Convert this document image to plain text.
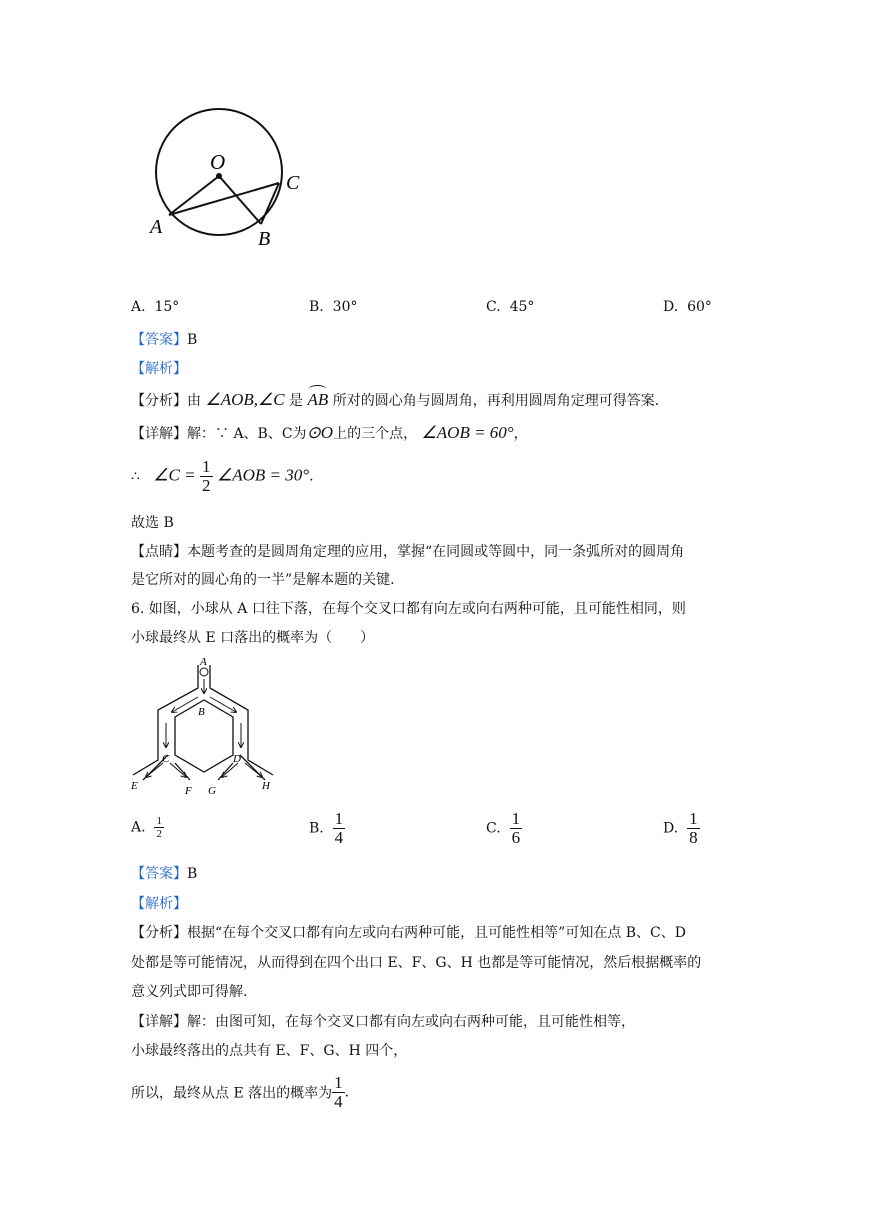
O
A
B
C
A. 15°	B. 30°	C. 45°	D. 60°
【答案】B
【解析】
【分析】由 ∠AOB,∠C 是 AB 所对的圆心角与圆周角，再利用圆周角定理可得答案.
【详解】解：∵ A、B、C为⊙O上的三个点， ∠AOB = 60°，
∴ ∠C = $\frac{1}{2}$ ∠AOB = 30°.
故选 B
【点睛】本题考查的是圆周角定理的应用，掌握“在同圆或等圆中，同一条弧所对的圆周角
是它所对的圆心角的一半”是解本题的关键.
6. 如图，小球从 A 口往下落，在每个交叉口都有向左或向右两种可能，且可能性相同，则
小球最终从 E 口落出的概率为（　　）
A
B
C	D
E	F G	H
A. $\frac{1}{2}$	B. $\frac{1}{4}$	C. $\frac{1}{6}$	D. $\frac{1}{8}$
【答案】B
【解析】
【分析】根据“在每个交叉口都有向左或向右两种可能，且可能性相等”可知在点 B、C、D
处都是等可能情况，从而得到在四个出口 E、F、G、H 也都是等可能情况，然后根据概率的
意义列式即可得解.
【详解】解：由图可知，在每个交叉口都有向左或向右两种可能，且可能性相等，
小球最终落出的点共有 E、F、G、H 四个，
所以，最终从点 E 落出的概率为 $\frac{1}{4}$ .
